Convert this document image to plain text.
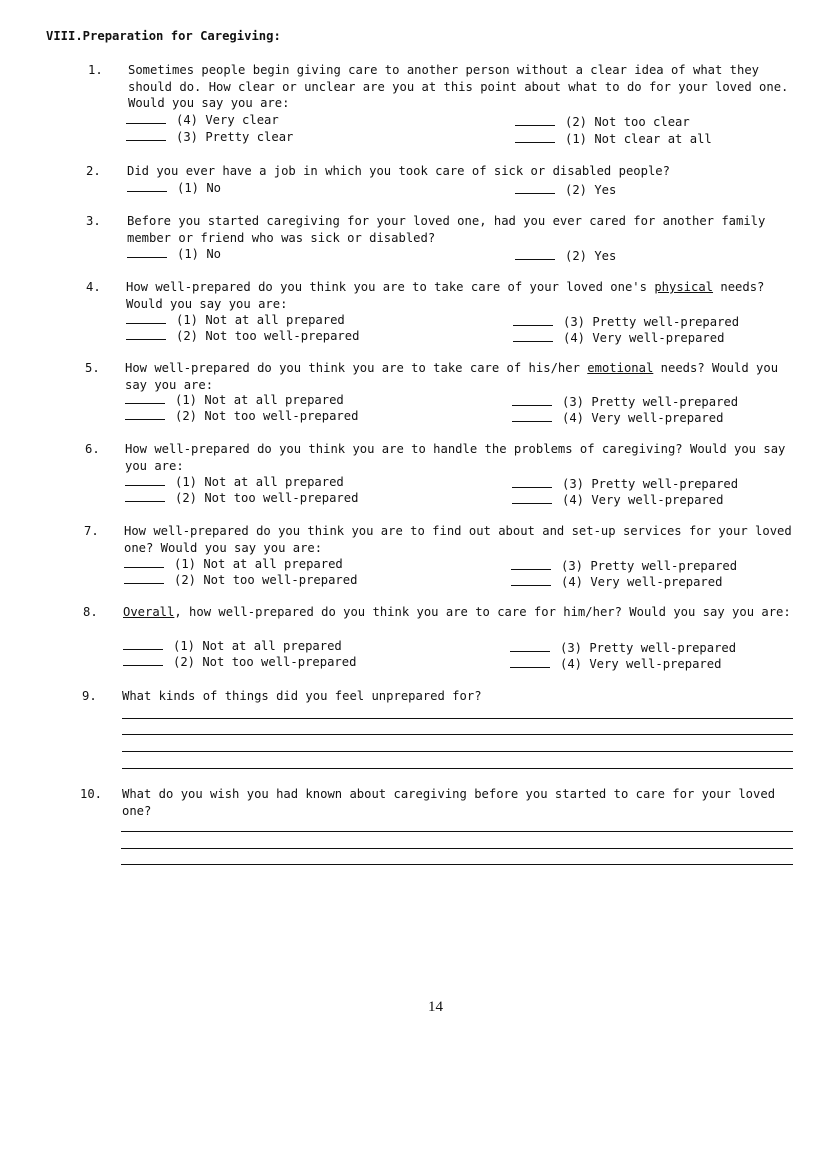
VIII.Preparation for Caregiving:
1. Sometimes people begin giving care to another person without a clear idea of what they should do. How clear or unclear are you at this point about what to do for your loved one. Would you say you are:
(4) Very clear
(3) Pretty clear
(2) Not too clear
(1) Not clear at all
2. Did you ever have a job in which you took care of sick or disabled people?
(1) No	(2) Yes
3. Before you started caregiving for your loved one, had you ever cared for another family member or friend who was sick or disabled?
(1) No	(2) Yes
4. How well-prepared do you think you are to take care of your loved one's physical needs? Would you say you are:
(1) Not at all prepared
(2) Not too well-prepared
(3) Pretty well-prepared
(4) Very well-prepared
5. How well-prepared do you think you are to take care of his/her emotional needs? Would you say you are:
(1) Not at all prepared
(2) Not too well-prepared
(3) Pretty well-prepared
(4) Very well-prepared
6. How well-prepared do you think you are to handle the problems of caregiving? Would you say you are:
(1) Not at all prepared
(2) Not too well-prepared
(3) Pretty well-prepared
(4) Very well-prepared
7. How well-prepared do you think you are to find out about and set-up services for your loved one? Would you say you are:
(1) Not at all prepared
(2) Not too well-prepared
(3) Pretty well-prepared
(4) Very well-prepared
8. Overall, how well-prepared do you think you are to care for him/her? Would you say you are:
(1) Not at all prepared
(2) Not too well-prepared
(3) Pretty well-prepared
(4) Very well-prepared
9. What kinds of things did you feel unprepared for?
10. What do you wish you had known about caregiving before you started to care for your loved one?
14
